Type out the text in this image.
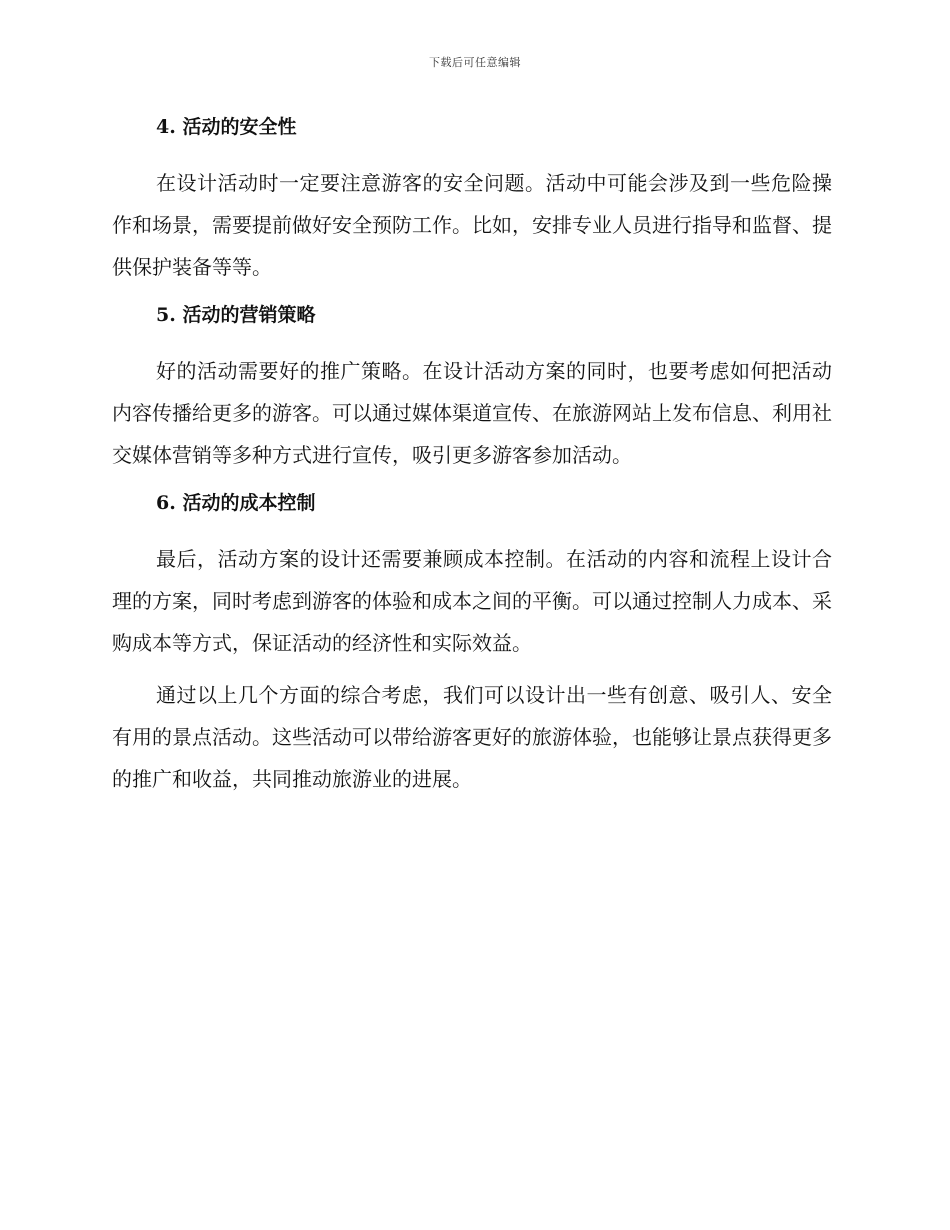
下载后可任意编辑
4. 活动的安全性

在设计活动时一定要注意游客的安全问题。活动中可能会涉及到一些危险操作和场景，需要提前做好安全预防工作。比如，安排专业人员进行指导和监督、提供保护装备等等。

5. 活动的营销策略

好的活动需要好的推广策略。在设计活动方案的同时，也要考虑如何把活动内容传播给更多的游客。可以通过媒体渠道宣传、在旅游网站上发布信息、利用社交媒体营销等多种方式进行宣传，吸引更多游客参加活动。

6. 活动的成本控制

最后，活动方案的设计还需要兼顾成本控制。在活动的内容和流程上设计合理的方案，同时考虑到游客的体验和成本之间的平衡。可以通过控制人力成本、采购成本等方式，保证活动的经济性和实际效益。

通过以上几个方面的综合考虑，我们可以设计出一些有创意、吸引人、安全有用的景点活动。这些活动可以带给游客更好的旅游体验，也能够让景点获得更多的推广和收益，共同推动旅游业的进展。
